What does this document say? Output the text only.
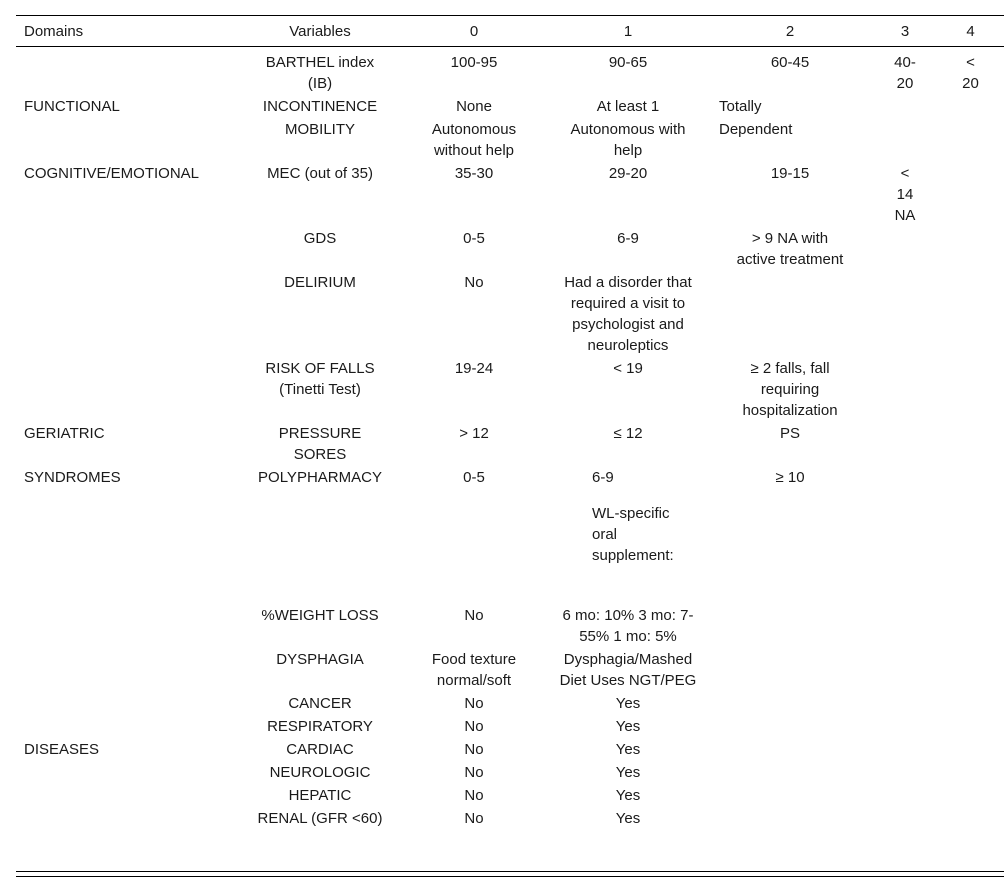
Domains	Variables	0	1	2	3	4
	BARTHEL index (IB)	100-95	90-65	60-45	40-20	< 20
FUNCTIONAL	INCONTINENCE	None	At least 1	Totally		
	MOBILITY	Autonomous without help	Autonomous with help	Dependent		
COGNITIVE/EMOTIONAL	MEC (out of 35)	35-30	29-20	19-15	< 14 NA	
	GDS	0-5	6-9	> 9 NA with active treatment		
	DELIRIUM	No	Had a disorder that required a visit to psychologist and neuroleptics			
	RISK OF FALLS (Tinetti Test)	19-24	< 19	≥ 2 falls, fall requiring hospitalization		
GERIATRIC	PRESSURE SORES	> 12	≤ 12	PS		
SYNDROMES	POLYPHARMACY	0-5	6-9	≥ 10		
			WL-specific oral supplement:			
	%WEIGHT LOSS	No	6 mo: 10% 3 mo: 7-55% 1 mo: 5%			
	DYSPHAGIA	Food texture normal/soft	Dysphagia/Mashed Diet Uses NGT/PEG			
	CANCER	No	Yes			
	RESPIRATORY	No	Yes			
DISEASES	CARDIAC	No	Yes			
	NEUROLOGIC	No	Yes			
	HEPATIC	No	Yes			
	RENAL (GFR <60)	No	Yes			
